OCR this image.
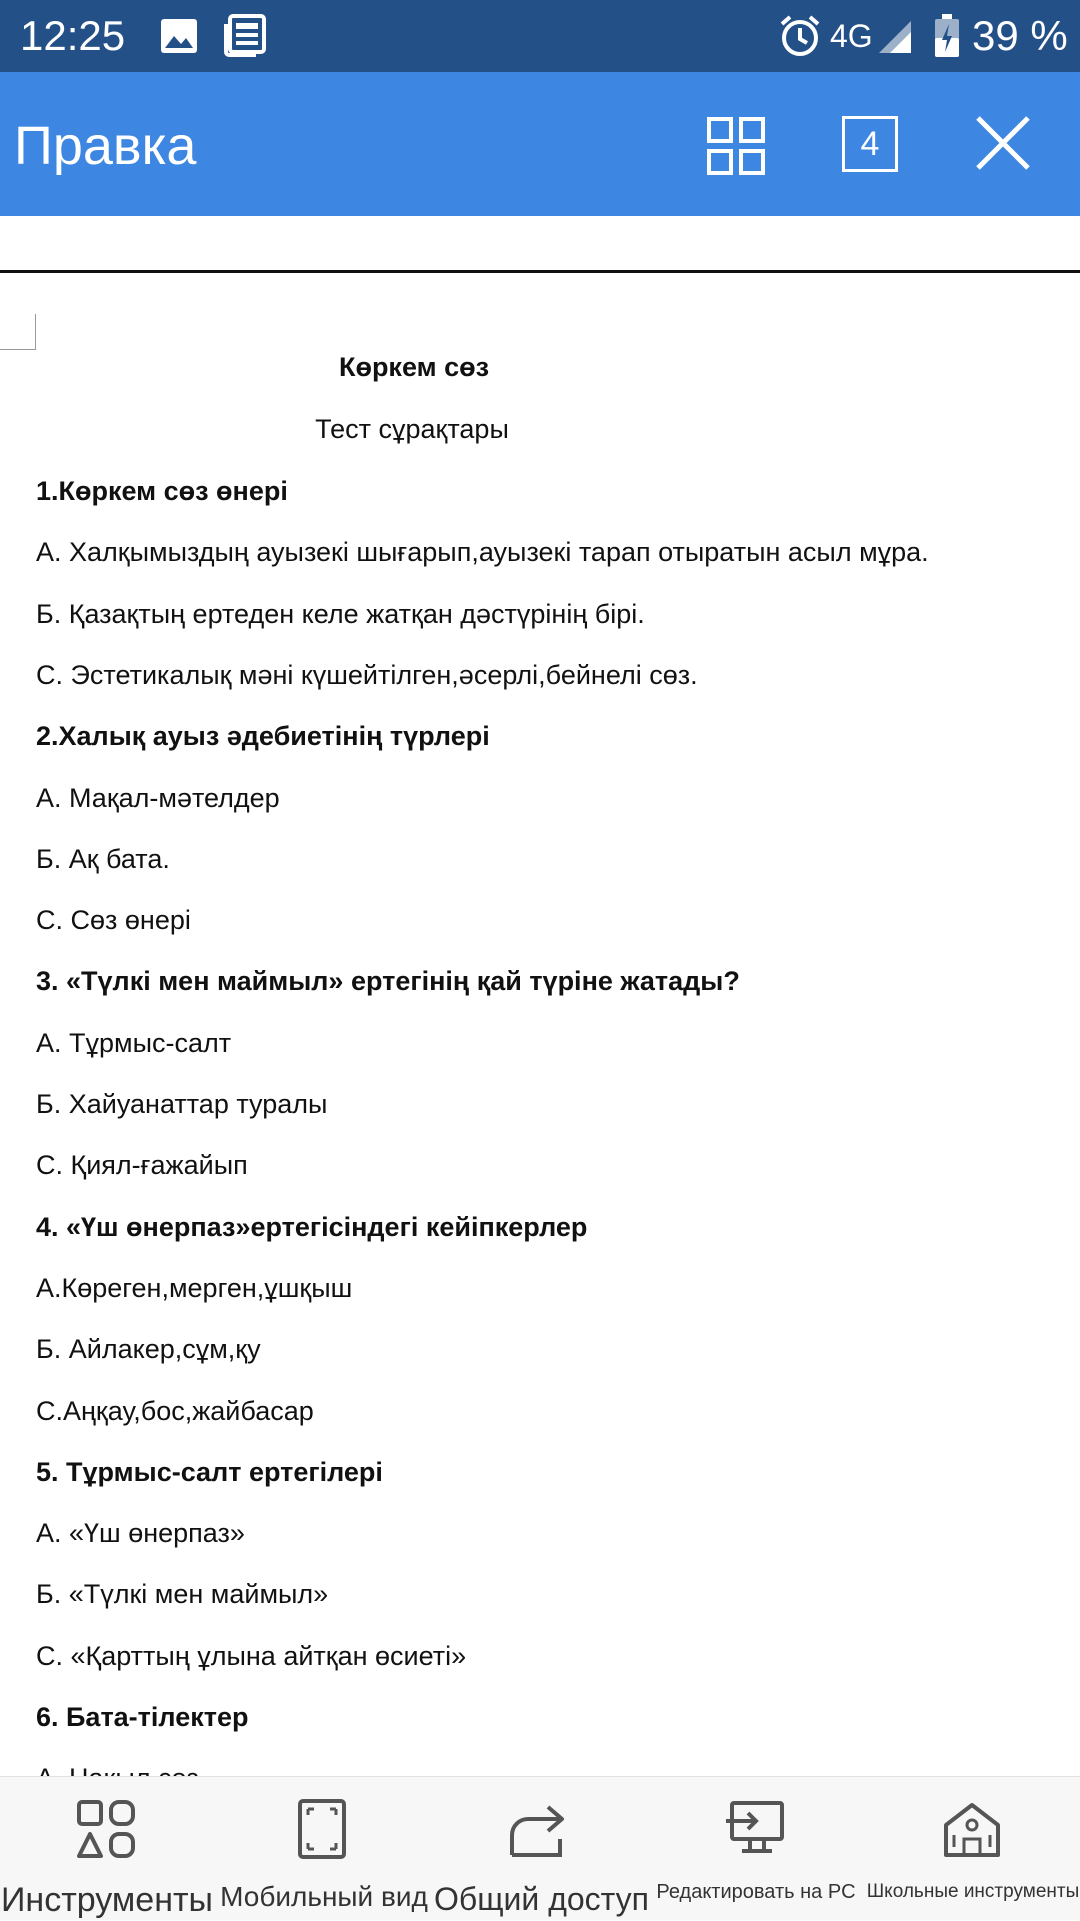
12:25	4G 39 %
Правка	4
Көркем сөз
Тест сұрақтары
1.Көркем сөз өнері
А. Халқымыздың ауызекі шығарып,ауызекі тарап отыратын асыл мұра.
Б. Қазақтың ертеден келе жатқан дәстүрінің бірі.
С. Эстетикалық мәні күшейтілген,әсерлі,бейнелі сөз.
2.Халық ауыз әдебиетінің түрлері
А. Мақал-мәтелдер
Б. Ақ бата.
С. Сөз өнері
3. «Түлкі мен маймыл» ертегінің қай түріне жатады?
А. Тұрмыс-салт
Б. Хайуанаттар туралы
С. Қиял-ғажайып
4. «Үш өнерпаз»ертегісіндегі кейіпкерлер
А.Көреген,мерген,ұшқыш
Б. Айлакер,сұм,қу
С.Аңқау,бос,жайбасар
5. Тұрмыс-салт ертегілері
А. «Үш өнерпаз»
Б. «Түлкі мен маймыл»
С. «Қарттың ұлына айтқан өсиеті»
6. Бата-тілектер
Инструменты Мобильный вид Общий доступ Редактировать на PC Школьные инструменты
